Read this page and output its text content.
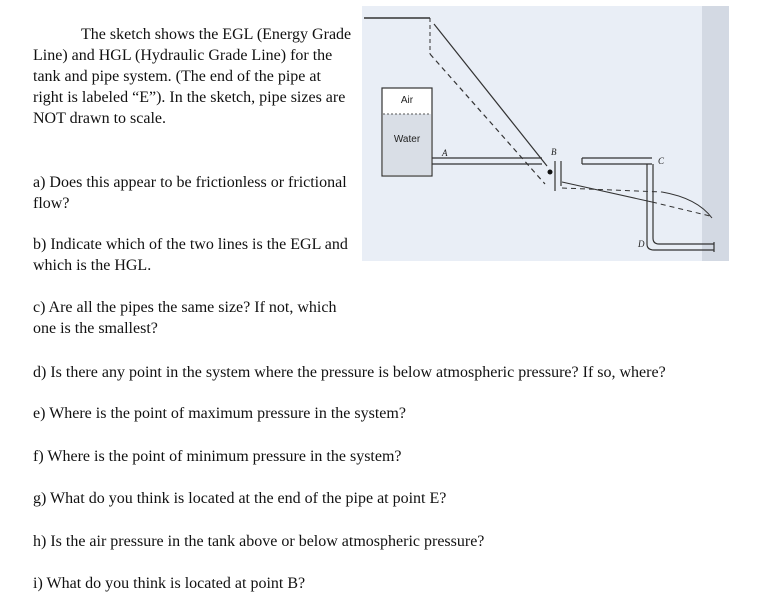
The sketch shows the EGL (Energy Grade Line) and HGL (Hydraulic Grade Line) for the tank and pipe system. (The end of the pipe at right is labeled “E”). In the sketch, pipe sizes are NOT drawn to scale.

a) Does this appear to be frictionless or frictional flow?

b) Indicate which of the two lines is the EGL and which is the HGL.

c) Are all the pipes the same size? If not, which one is the smallest?

d) Is there any point in the system where the pressure is below atmospheric pressure? If so, where?

e) Where is the point of maximum pressure in the system?

f) Where is the point of minimum pressure in the system?

g) What do you think is located at the end of the pipe at point E?

h) Is the air pressure in the tank above or below atmospheric pressure?

i) What do you think is located at point B?

Air
Water
A	B
C
D
